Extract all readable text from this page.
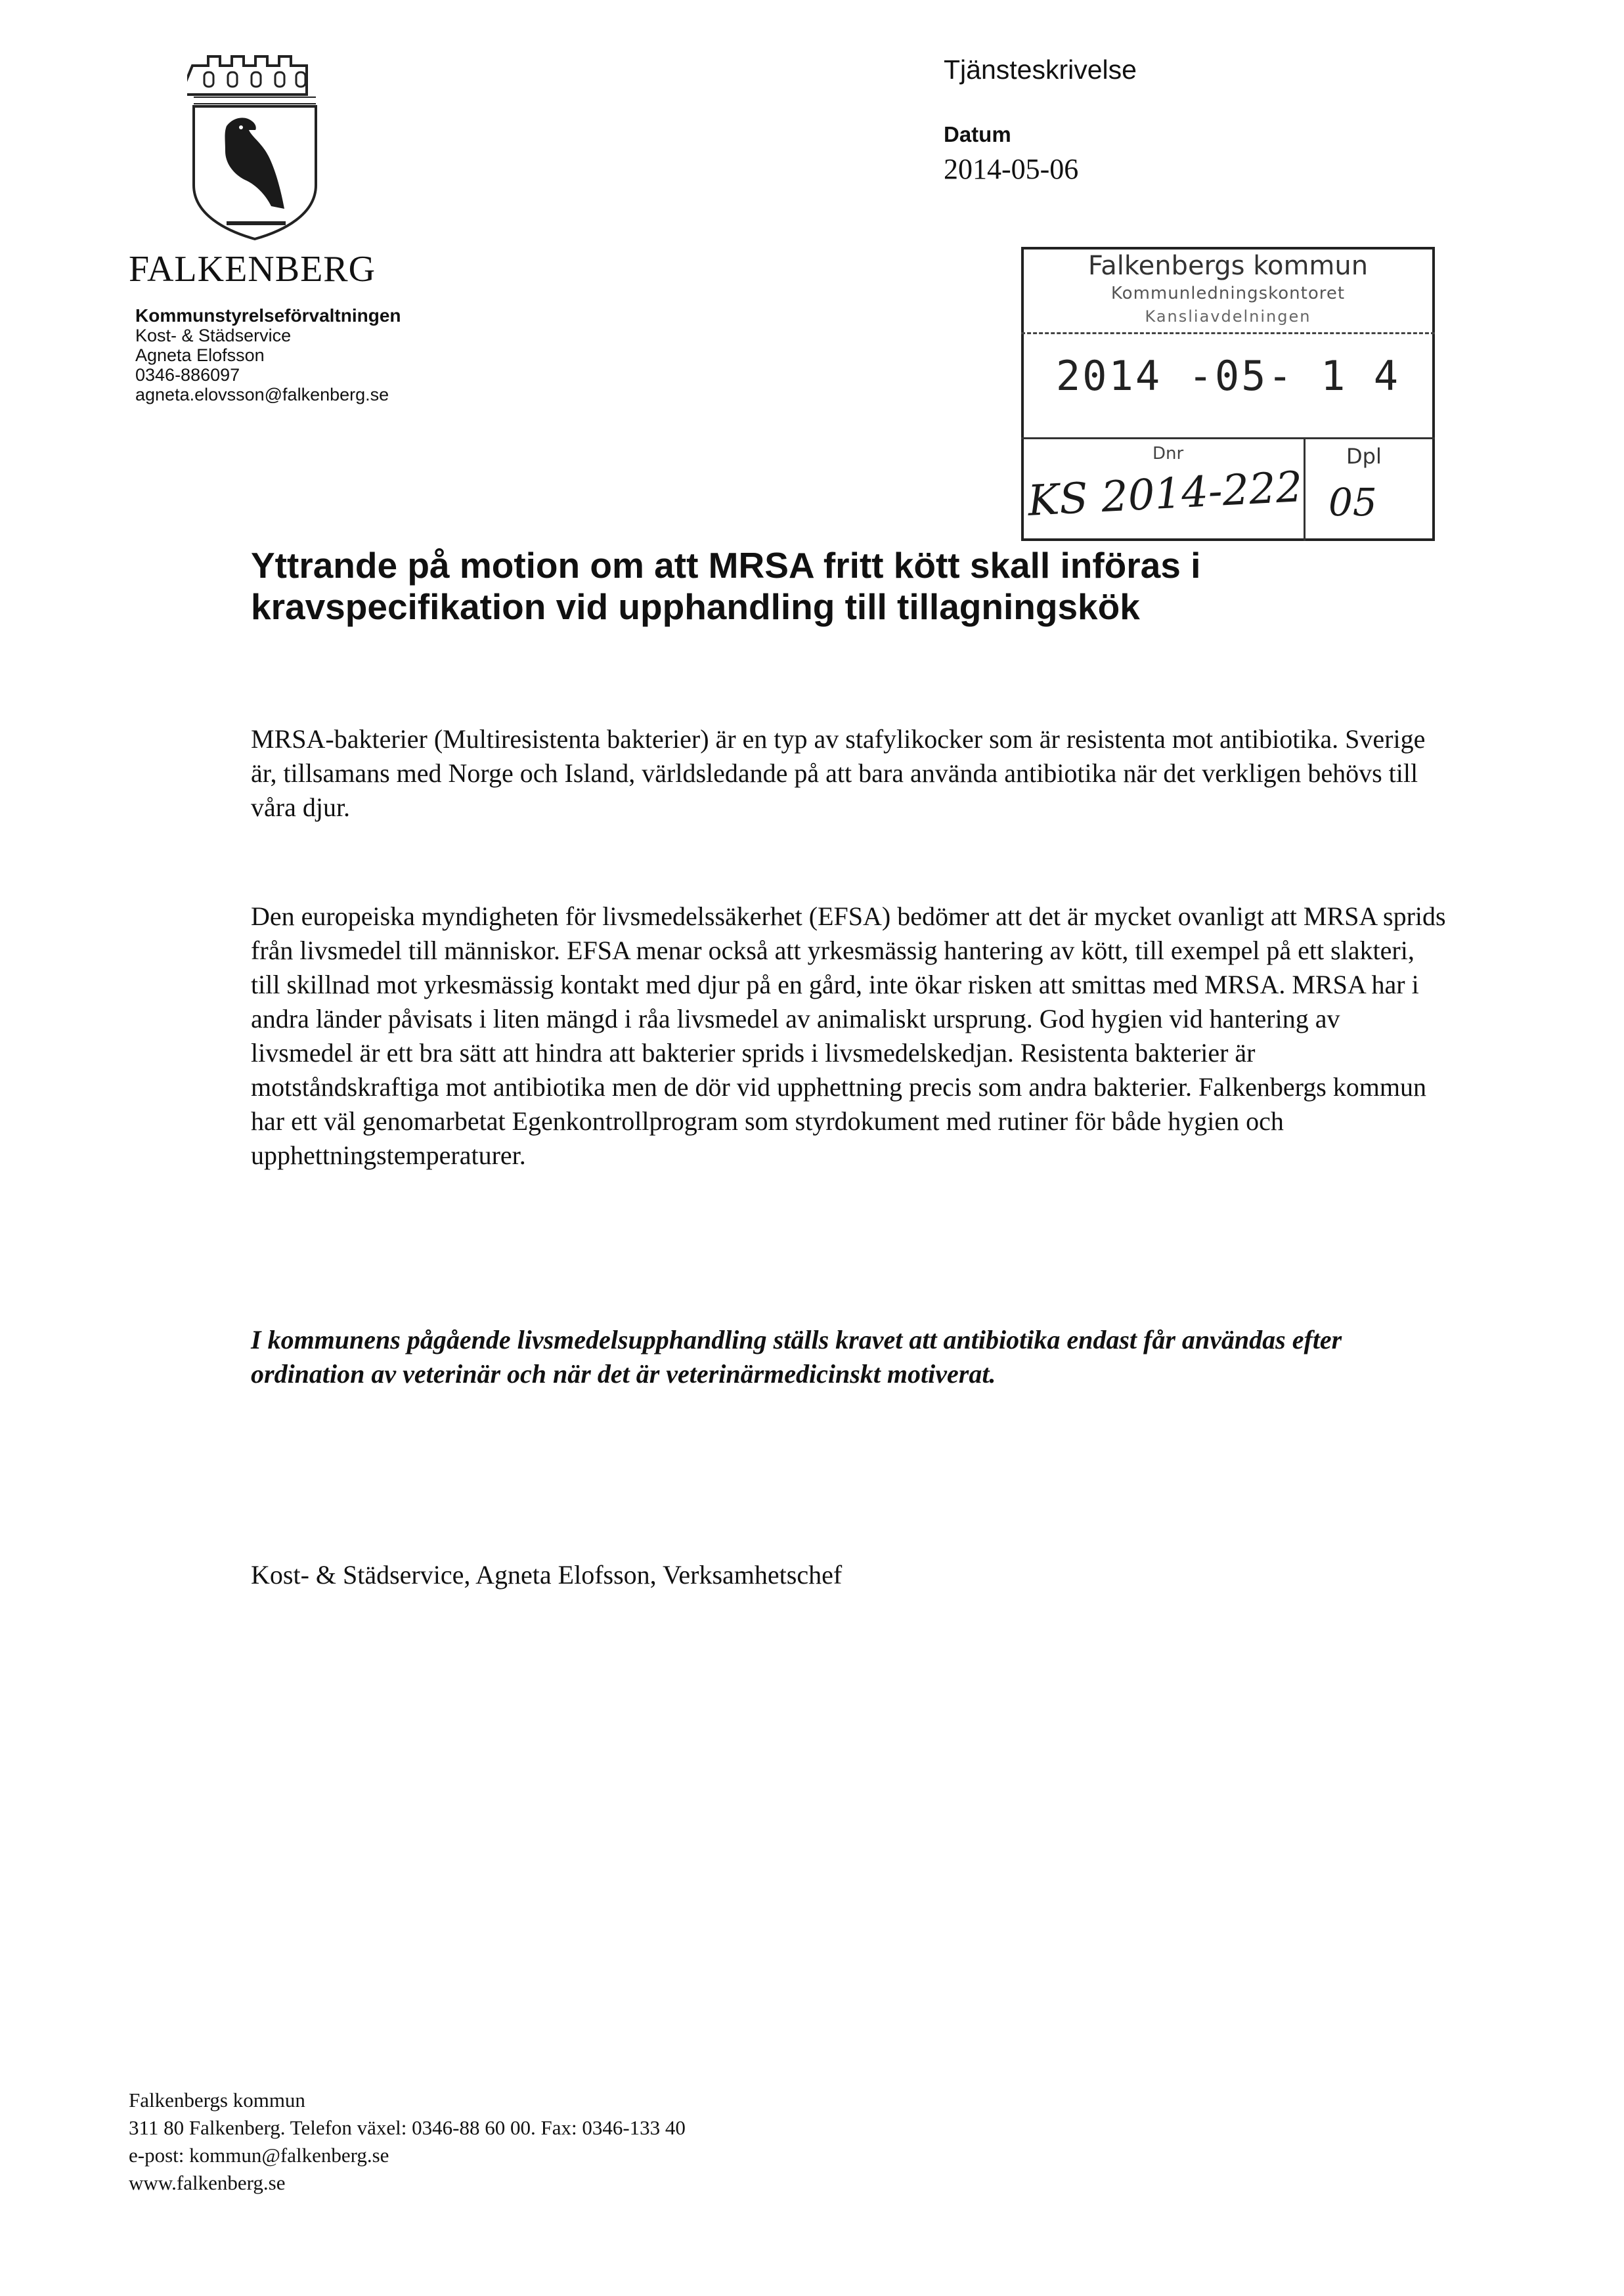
FALKENBERG
Kommunstyrelseförvaltningen
Kost- & Städservice
Agneta Elofsson
0346-886097
agneta.elovsson@falkenberg.se
Tjänsteskrivelse
Datum
2014-05-06
Falkenbergs kommun
Kommunledningskontoret
Kansliavdelningen
2014 -05- 1 4
Dnr	Dpl
KS 2014-222 05
Yttrande på motion om att MRSA fritt kött skall införas i kravspecifikation vid upphandling till tillagningskök
MRSA-bakterier (Multiresistenta bakterier) är en typ av stafylikocker som är resistenta mot antibiotika. Sverige är, tillsamans med Norge och Island, världsledande på att bara använda antibiotika när det verkligen behövs till våra djur.
Den europeiska myndigheten för livsmedelssäkerhet (EFSA) bedömer att det är mycket ovanligt att MRSA sprids från livsmedel till människor. EFSA menar också att yrkesmässig hantering av kött, till exempel på ett slakteri, till skillnad mot yrkesmässig kontakt med djur på en gård, inte ökar risken att smittas med MRSA. MRSA har i andra länder påvisats i liten mängd i råa livsmedel av animaliskt ursprung. God hygien vid hantering av livsmedel är ett bra sätt att hindra att bakterier sprids i livsmedelskedjan. Resistenta bakterier är motståndskraftiga mot antibiotika men de dör vid upphettning precis som andra bakterier. Falkenbergs kommun har ett väl genomarbetat Egenkontrollprogram som styrdokument med rutiner för både hygien och upphettningstemperaturer.
I kommunens pågående livsmedelsupphandling ställs kravet att antibiotika endast får användas efter ordination av veterinär och när det är veterinärmedicinskt motiverat.
Kost- & Städservice, Agneta Elofsson, Verksamhetschef
Falkenbergs kommun
311 80 Falkenberg. Telefon växel: 0346-88 60 00. Fax: 0346-133 40
e-post: kommun@falkenberg.se
www.falkenberg.se
